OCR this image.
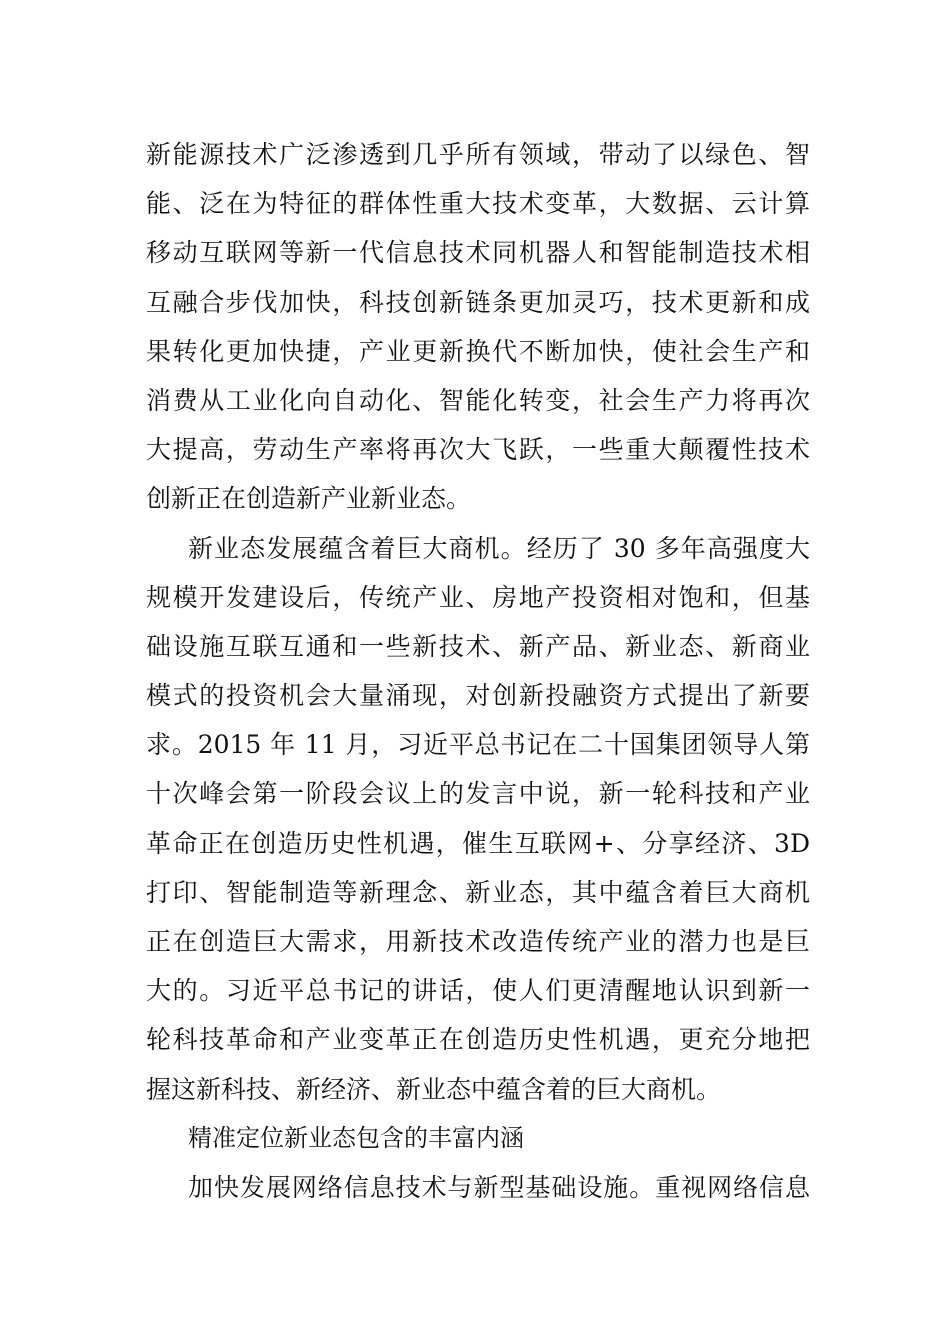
新能源技术广泛渗透到几乎所有领域，带动了以绿色、智
能、泛在为特征的群体性重大技术变革，大数据、云计算
移动互联网等新一代信息技术同机器人和智能制造技术相
互融合步伐加快，科技创新链条更加灵巧，技术更新和成
果转化更加快捷，产业更新换代不断加快，使社会生产和
消费从工业化向自动化、智能化转变，社会生产力将再次
大提高，劳动生产率将再次大飞跃，一些重大颠覆性技术
创新正在创造新产业新业态。
新业态发展蕴含着巨大商机。经历了 30 多年高强度大
规模开发建设后，传统产业、房地产投资相对饱和，但基
础设施互联互通和一些新技术、新产品、新业态、新商业
模式的投资机会大量涌现，对创新投融资方式提出了新要
求。2015 年 11 月，习近平总书记在二十国集团领导人第
十次峰会第一阶段会议上的发言中说，新一轮科技和产业
革命正在创造历史性机遇，催生互联网+、分享经济、3D
打印、智能制造等新理念、新业态，其中蕴含着巨大商机
正在创造巨大需求，用新技术改造传统产业的潜力也是巨
大的。习近平总书记的讲话，使人们更清醒地认识到新一
轮科技革命和产业变革正在创造历史性机遇，更充分地把
握这新科技、新经济、新业态中蕴含着的巨大商机。
精准定位新业态包含的丰富内涵
加快发展网络信息技术与新型基础设施。重视网络信息
